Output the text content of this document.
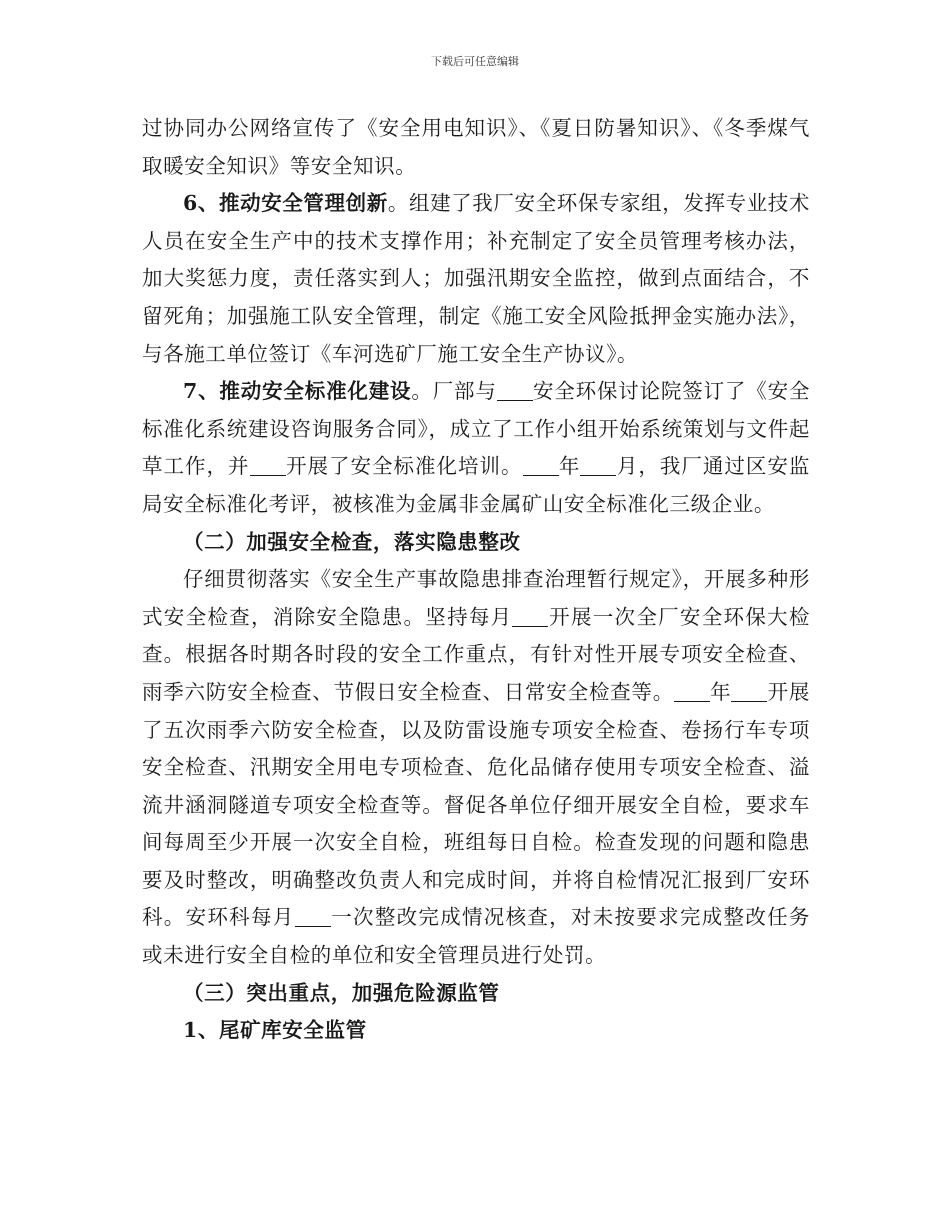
下载后可任意编辑

过协同办公网络宣传了《安全用电知识》、《夏日防暑知识》、《冬季煤气取暖安全知识》等安全知识。

6、推动安全管理创新。组建了我厂安全环保专家组，发挥专业技术人员在安全生产中的技术支撑作用；补充制定了安全员管理考核办法，加大奖惩力度，责任落实到人；加强汛期安全监控，做到点面结合，不留死角；加强施工队安全管理，制定《施工安全风险抵押金实施办法》，与各施工单位签订《车河选矿厂施工安全生产协议》。

7、推动安全标准化建设。厂部与 安全环保讨论院签订了《安全标准化系统建设咨询服务合同》，成立了工作小组开始系统策划与文件起草工作，并 开展了安全标准化培训。 年 月，我厂通过区安监局安全标准化考评，被核准为金属非金属矿山安全标准化三级企业。

（二）加强安全检查，落实隐患整改

仔细贯彻落实《安全生产事故隐患排查治理暂行规定》，开展多种形式安全检查，消除安全隐患。坚持每月 开展一次全厂安全环保大检查。根据各时期各时段的安全工作重点，有针对性开展专项安全检查、雨季六防安全检查、节假日安全检查、日常安全检查等。 年 开展了五次雨季六防安全检查，以及防雷设施专项安全检查、卷扬行车专项安全检查、汛期安全用电专项检查、危化品储存使用专项安全检查、溢流井涵洞隧道专项安全检查等。督促各单位仔细开展安全自检，要求车间每周至少开展一次安全自检，班组每日自检。检查发现的问题和隐患要及时整改，明确整改负责人和完成时间，并将自检情况汇报到厂安环科。安环科每月 一次整改完成情况核查，对未按要求完成整改任务或未进行安全自检的单位和安全管理员进行处罚。

（三）突出重点，加强危险源监管

1、尾矿库安全监管
